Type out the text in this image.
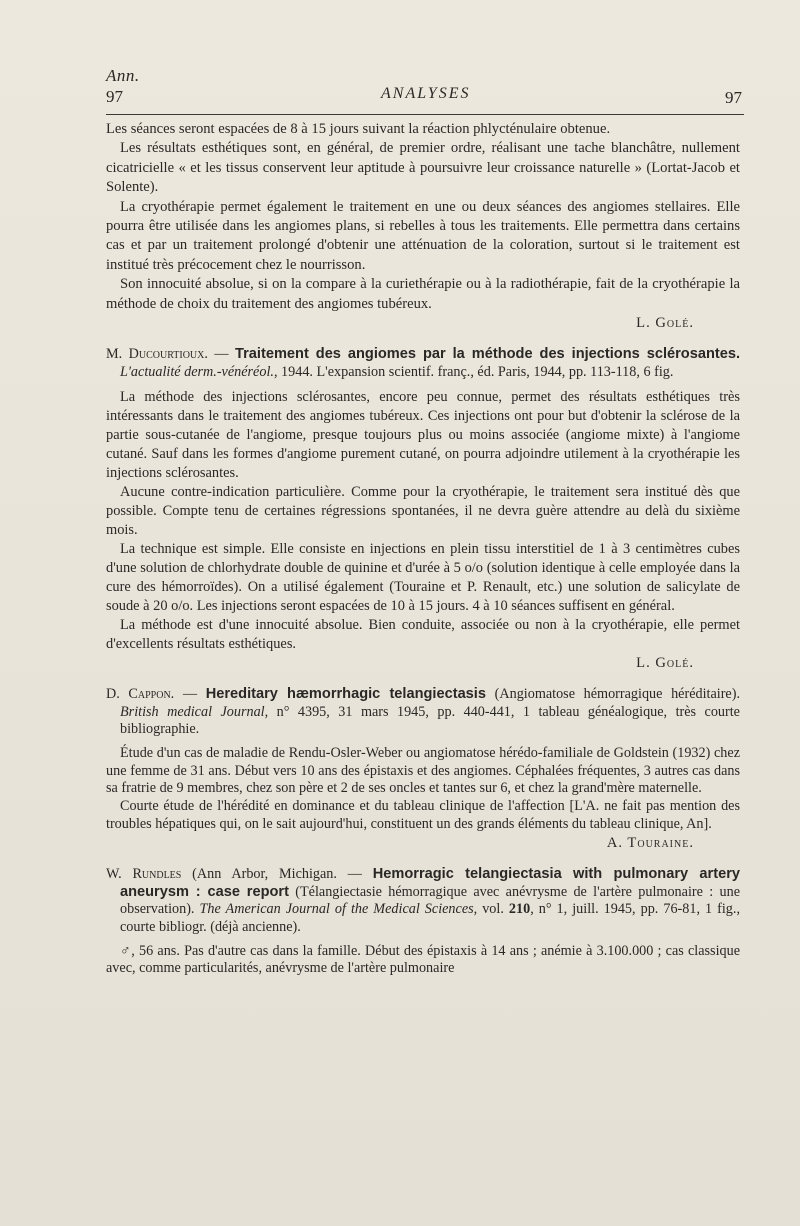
Ann.
97	ANALYSES	97

Les séances seront espacées de 8 à 15 jours suivant la réaction phlycténulaire obtenue.

Les résultats esthétiques sont, en général, de premier ordre, réalisant une tache blanchâtre, nullement cicatricielle « et les tissus conservent leur aptitude à poursuivre leur croissance naturelle » (Lortat-Jacob et Solente).

La cryothérapie permet également le traitement en une ou deux séances des angiomes stellaires. Elle pourra être utilisée dans les angiomes plans, si rebelles à tous les traitements. Elle permettra dans certains cas et par un traitement prolongé d'obtenir une atténuation de la coloration, surtout si le traitement est institué très précocement chez le nourrisson.

Son innocuité absolue, si on la compare à la curiethérapie ou à la radiothérapie, fait de la cryothérapie la méthode de choix du traitement des angiomes tubéreux.

L. Golé.
M. Ducourtioux. — Traitement des angiomes par la méthode des injections sclérosantes. L'actualité derm.-vénéréol., 1944. L'expansion scientif. franç., éd. Paris, 1944, pp. 113-118, 6 fig.

La méthode des injections sclérosantes, encore peu connue, permet des résultats esthétiques très intéressants dans le traitement des angiomes tubéreux. Ces injections ont pour but d'obtenir la sclérose de la partie sous-cutanée de l'angiome, presque toujours plus ou moins associée (angiome mixte) à l'angiome cutané. Sauf dans les formes d'angiome purement cutané, on pourra adjoindre utilement à la cryothérapie les injections sclérosantes.

Aucune contre-indication particulière. Comme pour la cryothérapie, le traitement sera institué dès que possible. Compte tenu de certaines régressions spontanées, il ne devra guère attendre au delà du sixième mois.

La technique est simple. Elle consiste en injections en plein tissu interstitiel de 1 à 3 centimètres cubes d'une solution de chlorhydrate double de quinine et d'urée à 5 o/o (solution identique à celle employée dans la cure des hémorroïdes). On a utilisé également (Touraine et P. Renault, etc.) une solution de salicylate de soude à 20 o/o. Les injections seront espacées de 10 à 15 jours. 4 à 10 séances suffisent en général.

La méthode est d'une innocuité absolue. Bien conduite, associée ou non à la cryothérapie, elle permet d'excellents résultats esthétiques.

L. Golé.
D. Cappon. — Hereditary hæmorrhagic telangiectasis (Angiomatose hémorragique héréditaire). British medical Journal, n° 4395, 31 mars 1945, pp. 440-441, 1 tableau généalogique, très courte bibliographie.

Étude d'un cas de maladie de Rendu-Osler-Weber ou angiomatose hérédo-familiale de Goldstein (1932) chez une femme de 31 ans. Début vers 10 ans des épistaxis et des angiomes. Céphalées fréquentes, 3 autres cas dans sa fratrie de 9 membres, chez son père et 2 de ses oncles et tantes sur 6, et chez la grand'mère maternelle.

Courte étude de l'hérédité en dominance et du tableau clinique de l'affection [L'A. ne fait pas mention des troubles hépatiques qui, on le sait aujourd'hui, constituent un des grands éléments du tableau clinique, An].

A. Touraine.
W. Rundles (Ann Arbor, Michigan. — Hemorragic telangiectasia with pulmonary artery aneurysm : case report (Télangiectasie hémorragique avec anévrysme de l'artère pulmonaire : une observation). The American Journal of the Medical Sciences, vol. 210, n° 1, juill. 1945, pp. 76-81, 1 fig., courte bibliogr. (déjà ancienne).

♂, 56 ans. Pas d'autre cas dans la famille. Début des épistaxis à 14 ans ; anémie à 3.100.000 ; cas classique avec, comme particularités, anévrysme de l'artère pulmonaire
